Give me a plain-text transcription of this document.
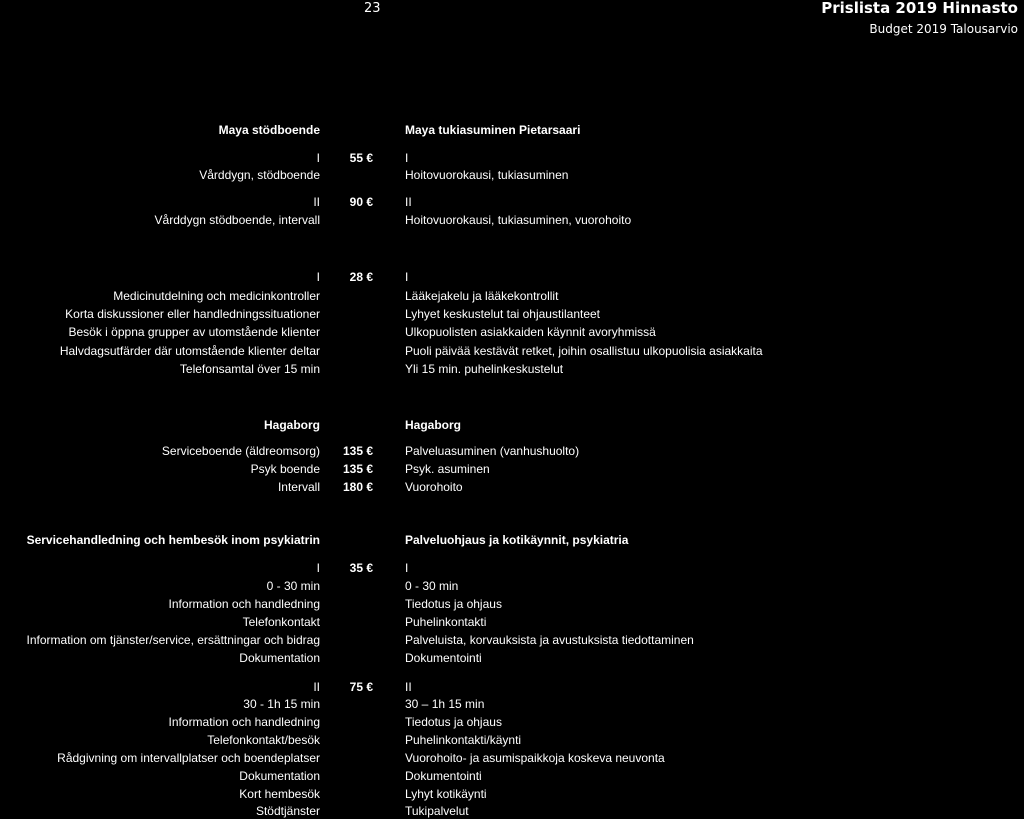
23	Prislista 2019 Hinnasto
Budget 2019 Talousarvio
Maya stödboende	Maya tukiasuminen Pietarsaari
I 55 €	I
Vårddygn, stödboende	Hoitovuorokausi, tukiasuminen
II 90 €	II
Vårddygn stödboende, intervall	Hoitovuorokausi, tukiasuminen, vuorohoito
I 28 €	I
Medicinutdelning och medicinkontroller	Lääkejakelu ja lääkekontrollit
Korta diskussioner eller handledningssituationer	Lyhyet keskustelut tai ohjaustilanteet
Besök i öppna grupper av utomstående klienter	Ulkopuolisten asiakkaiden käynnit avoryhmissä
Halvdagsutfärder där utomstående klienter deltar	Puoli päivää kestävät retket, joihin osallistuu ulkopuolisia asiakkaita
Telefonsamtal över 15 min	Yli 15 min. puhelinkeskustelut
Hagaborg	Hagaborg
Serviceboende (äldreomsorg) 135 €	Palveluasuminen (vanhushuolto)
Psyk boende 135 €	Psyk. asuminen
Intervall 180 €	Vuorohoito
Servicehandledning och hembesök inom psykiatrin	Palveluohjaus ja kotikäynnit, psykiatria
I 35 €	I
0 - 30 min	0 - 30 min
Information och handledning	Tiedotus ja ohjaus
Telefonkontakt	Puhelinkontakti
Information om tjänster/service, ersättningar och bidrag	Palveluista, korvauksista ja avustuksista tiedottaminen
Dokumentation	Dokumentointi
II 75 €	II
30 - 1h 15 min	30 – 1h 15 min
Information och handledning	Tiedotus ja ohjaus
Telefonkontakt/besök	Puhelinkontakti/käynti
Rådgivning om intervallplatser och boendeplatser	Vuorohoito- ja asumispaikkoja koskeva neuvonta
Dokumentation	Dokumentointi
Kort hembesök	Lyhyt kotikäynti
Stödtjänster	Tukipalvelut
